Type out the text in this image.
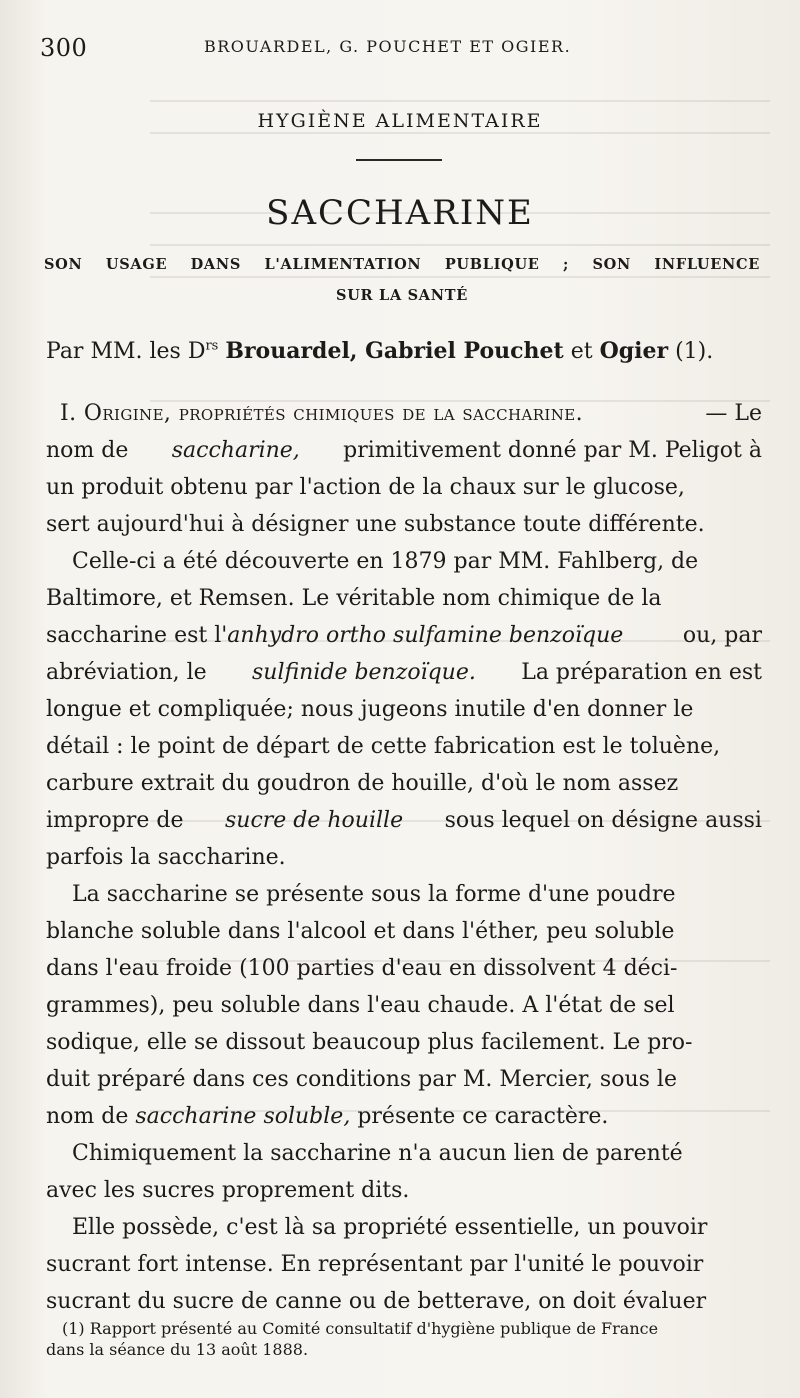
300	BROUARDEL, G. POUCHET ET OGIER.
HYGIÈNE ALIMENTAIRE
SACCHARINE
SON USAGE DANS L'ALIMENTATION PUBLIQUE ; SON INFLUENCE
SUR LA SANTÉ
Par MM. les $D^{rs}$ Brouardel, Gabriel Pouchet et Ogier (1).
I. Origine, propriétés chimiques de la saccharine.	— Le
nom de saccharine, primitivement donné par M. Peligot à
un produit obtenu par l'action de la chaux sur le glucose,
sert aujourd'hui à désigner une substance toute différente.
Celle-ci a été découverte en 1879 par MM. Fahlberg, de
Baltimore, et Remsen. Le véritable nom chimique de la
saccharine est l'anhydro ortho sulfamine benzoïque	ou, par
abréviation, le sulfinide benzoïque. La préparation en est
longue et compliquée; nous jugeons inutile d'en donner le
détail : le point de départ de cette fabrication est le toluène,
carbure extrait du goudron de houille, d'où le nom assez
impropre de sucre de houille sous lequel on désigne aussi
parfois la saccharine.
La saccharine se présente sous la forme d'une poudre
blanche soluble dans l'alcool et dans l'éther, peu soluble
dans l'eau froide (100 parties d'eau en dissolvent 4 déci-
grammes), peu soluble dans l'eau chaude. A l'état de sel
sodique, elle se dissout beaucoup plus facilement. Le pro-
duit préparé dans ces conditions par M. Mercier, sous le
nom de saccharine soluble, présente ce caractère.
Chimiquement la saccharine n'a aucun lien de parenté
avec les sucres proprement dits.
Elle possède, c'est là sa propriété essentielle, un pouvoir
sucrant fort intense. En représentant par l'unité le pouvoir
sucrant du sucre de canne ou de betterave, on doit évaluer
(1) Rapport présenté au Comité consultatif d'hygiène publique de France
dans la séance du 13 août 1888.
